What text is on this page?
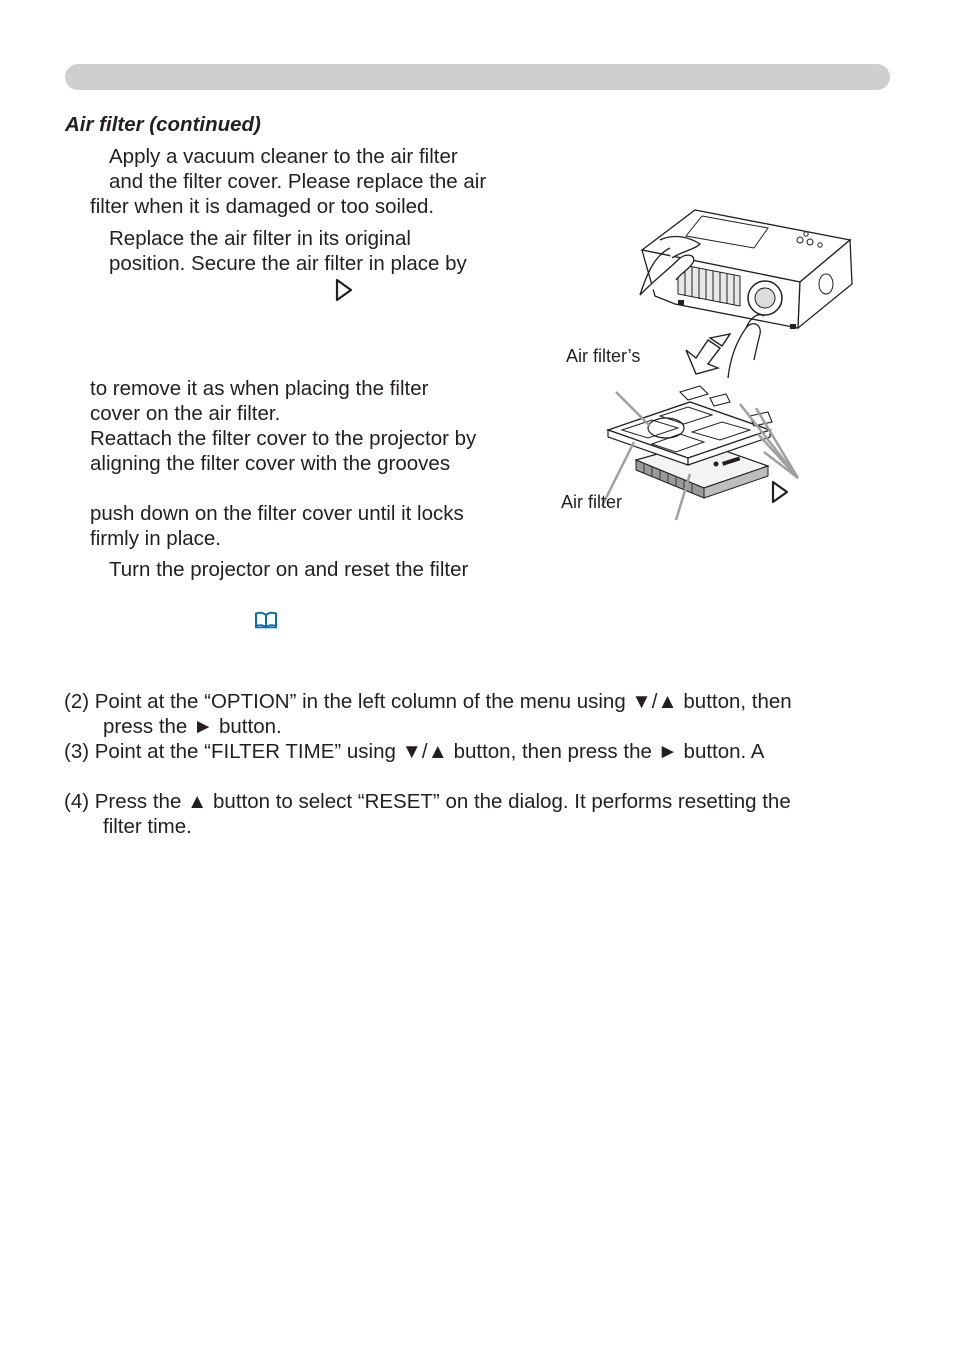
Air filter (continued)

Apply a vacuum cleaner to the air filter

and the filter cover. Please replace the air

filter when it is damaged or too soiled.

Replace the air filter in its original

position. Secure the air filter in place by

to remove it as when placing the filter

cover on the air filter.

Reattach the filter cover to the projector by

aligning the filter cover with the grooves

push down on the filter cover until it locks

firmly in place.

Turn the projector on and reset the filter

Air filter’s
Air filter

(2) Point at the “OPTION” in the left column of the menu using ▼/▲ button, then

press the ► button.

(3) Point at the “FILTER TIME” using ▼/▲ button, then press the ► button. A

(4) Press the ▲ button to select “RESET” on the dialog. It performs resetting the

filter time.
